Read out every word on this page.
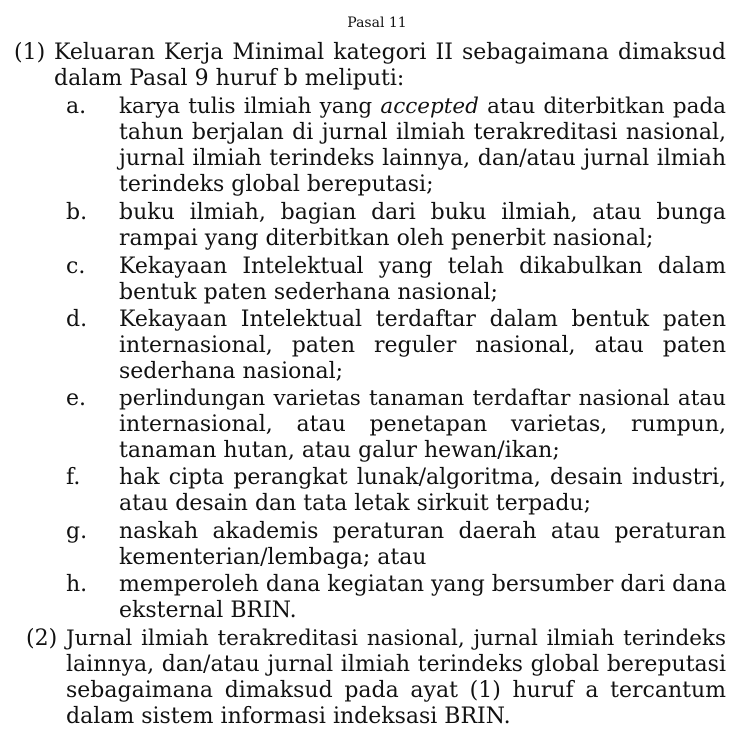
Pasal 11
(1) Keluaran Kerja Minimal kategori II sebagaimana dimaksud
dalam Pasal 9 huruf b meliputi:
a. karya tulis ilmiah yang accepted atau diterbitkan pada
tahun berjalan di jurnal ilmiah terakreditasi nasional,
jurnal ilmiah terindeks lainnya, dan/atau jurnal ilmiah
terindeks global bereputasi;
b. buku ilmiah, bagian dari buku ilmiah, atau bunga
rampai yang diterbitkan oleh penerbit nasional;
c. Kekayaan Intelektual yang telah dikabulkan dalam
bentuk paten sederhana nasional;
d. Kekayaan Intelektual terdaftar dalam bentuk paten
internasional, paten reguler nasional, atau paten
sederhana nasional;
e. perlindungan varietas tanaman terdaftar nasional atau
internasional, atau penetapan varietas, rumpun,
tanaman hutan, atau galur hewan/ikan;
f. hak cipta perangkat lunak/algoritma, desain industri,
atau desain dan tata letak sirkuit terpadu;
g. naskah akademis peraturan daerah atau peraturan
kementerian/lembaga; atau
h. memperoleh dana kegiatan yang bersumber dari dana
eksternal BRIN.
(2) Jurnal ilmiah terakreditasi nasional, jurnal ilmiah terindeks
lainnya, dan/atau jurnal ilmiah terindeks global bereputasi
sebagaimana dimaksud pada ayat (1) huruf a tercantum
dalam sistem informasi indeksasi BRIN.
